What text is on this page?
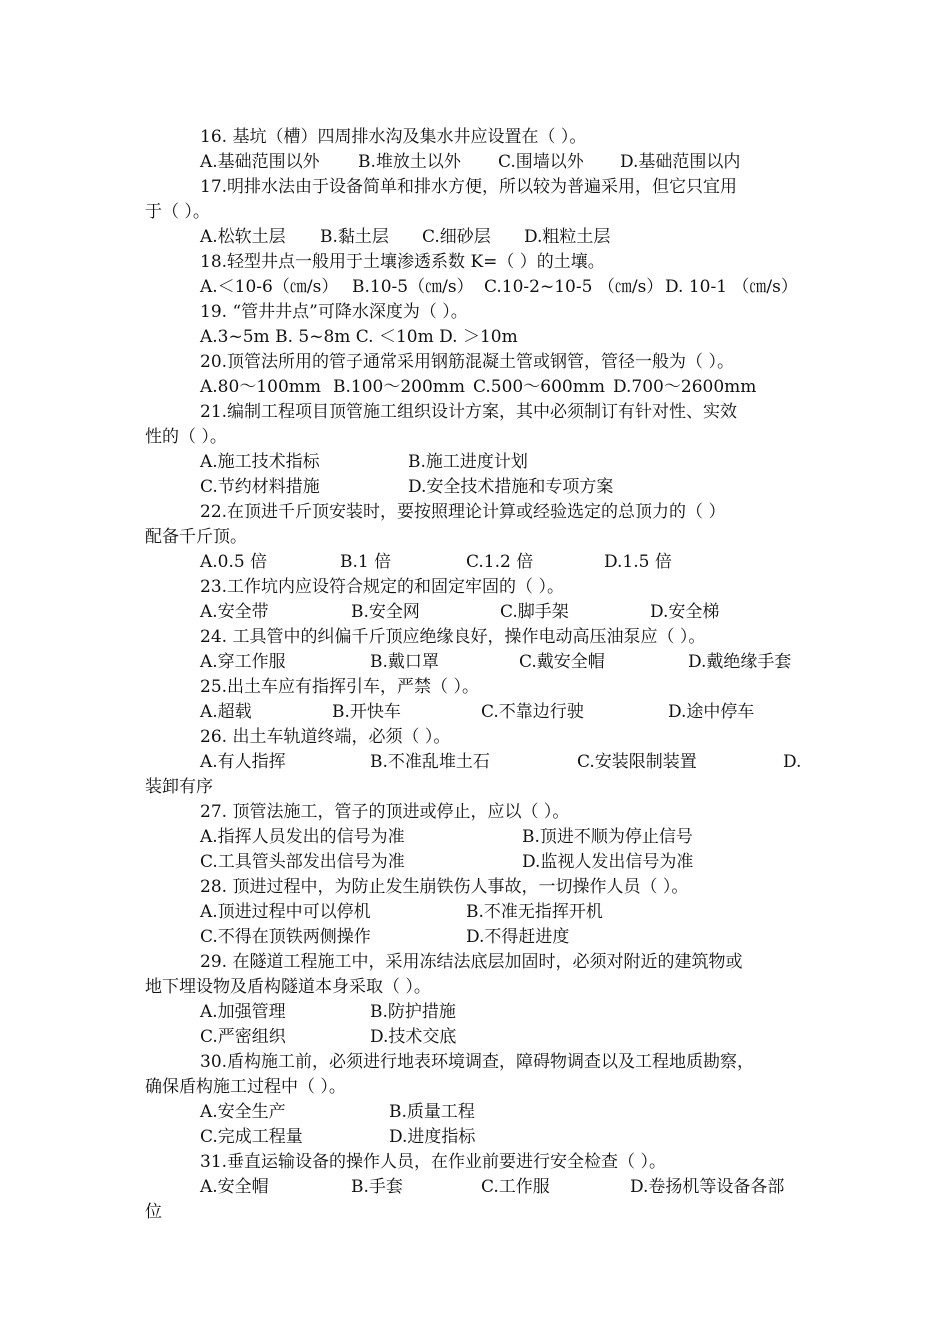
16. 基坑（槽）四周排水沟及集水井应设置在（ ）。
A.基础范围以外 B.堆放土以外 C.围墙以外 D.基础范围以内
17.明排水法由于设备简单和排水方便，所以较为普遍采用，但它只宜用
于（ ）。
A.松软土层 B.黏土层 C.细砂层 D.粗粒土层
18.轻型井点一般用于土壤渗透系数 K=（ ）的土壤。
A.＜10-6（㎝/s） B.10-5（㎝/s） C.10-2~10-5 （㎝/s） D. 10-1 （㎝/s）
19. “管井井点”可降水深度为（ ）。
A.3~5m B. 5~8m C. ＜10m D. ＞10m
20.顶管法所用的管子通常采用钢筋混凝土管或钢管，管径一般为（ ）。
A.80～100mm B.100～200mm C.500～600mm D.700～2600mm
21.编制工程项目顶管施工组织设计方案，其中必须制订有针对性、实效
性的（ ）。
A.施工技术指标	B.施工进度计划
C.节约材料措施	D.安全技术措施和专项方案
22.在顶进千斤顶安装时，要按照理论计算或经验选定的总顶力的（ ）
配备千斤顶。
A.0.5 倍	B.1 倍	C.1.2 倍	D.1.5 倍
23.工作坑内应设符合规定的和固定牢固的（ ）。
A.安全带	B.安全网	C.脚手架	D.安全梯
24. 工具管中的纠偏千斤顶应绝缘良好，操作电动高压油泵应（ ）。
A.穿工作服	B.戴口罩	C.戴安全帽	D.戴绝缘手套
25.出土车应有指挥引车，严禁（ ）。
A.超载	B.开快车	C.不靠边行驶	D.途中停车
26. 出土车轨道终端，必须（ ）。
A.有人指挥	B.不准乱堆土石	C.安装限制装置	D.
装卸有序
27. 顶管法施工，管子的顶进或停止，应以（ ）。
A.指挥人员发出的信号为准	B.顶进不顺为停止信号
C.工具管头部发出信号为准	D.监视人发出信号为准
28. 顶进过程中，为防止发生崩铁伤人事故，一切操作人员（ ）。
A.顶进过程中可以停机	B.不准无指挥开机
C.不得在顶铁两侧操作	D.不得赶进度
29. 在隧道工程施工中，采用冻结法底层加固时，必须对附近的建筑物或
地下埋设物及盾构隧道本身采取（ ）。
A.加强管理	B.防护措施
C.严密组织	D.技术交底
30.盾构施工前，必须进行地表环境调查，障碍物调查以及工程地质勘察，
确保盾构施工过程中（ ）。
A.安全生产	B.质量工程
C.完成工程量	D.进度指标
31.垂直运输设备的操作人员，在作业前要进行安全检查（ ）。
A.安全帽	B.手套	C.工作服	D.卷扬机等设备各部
位
